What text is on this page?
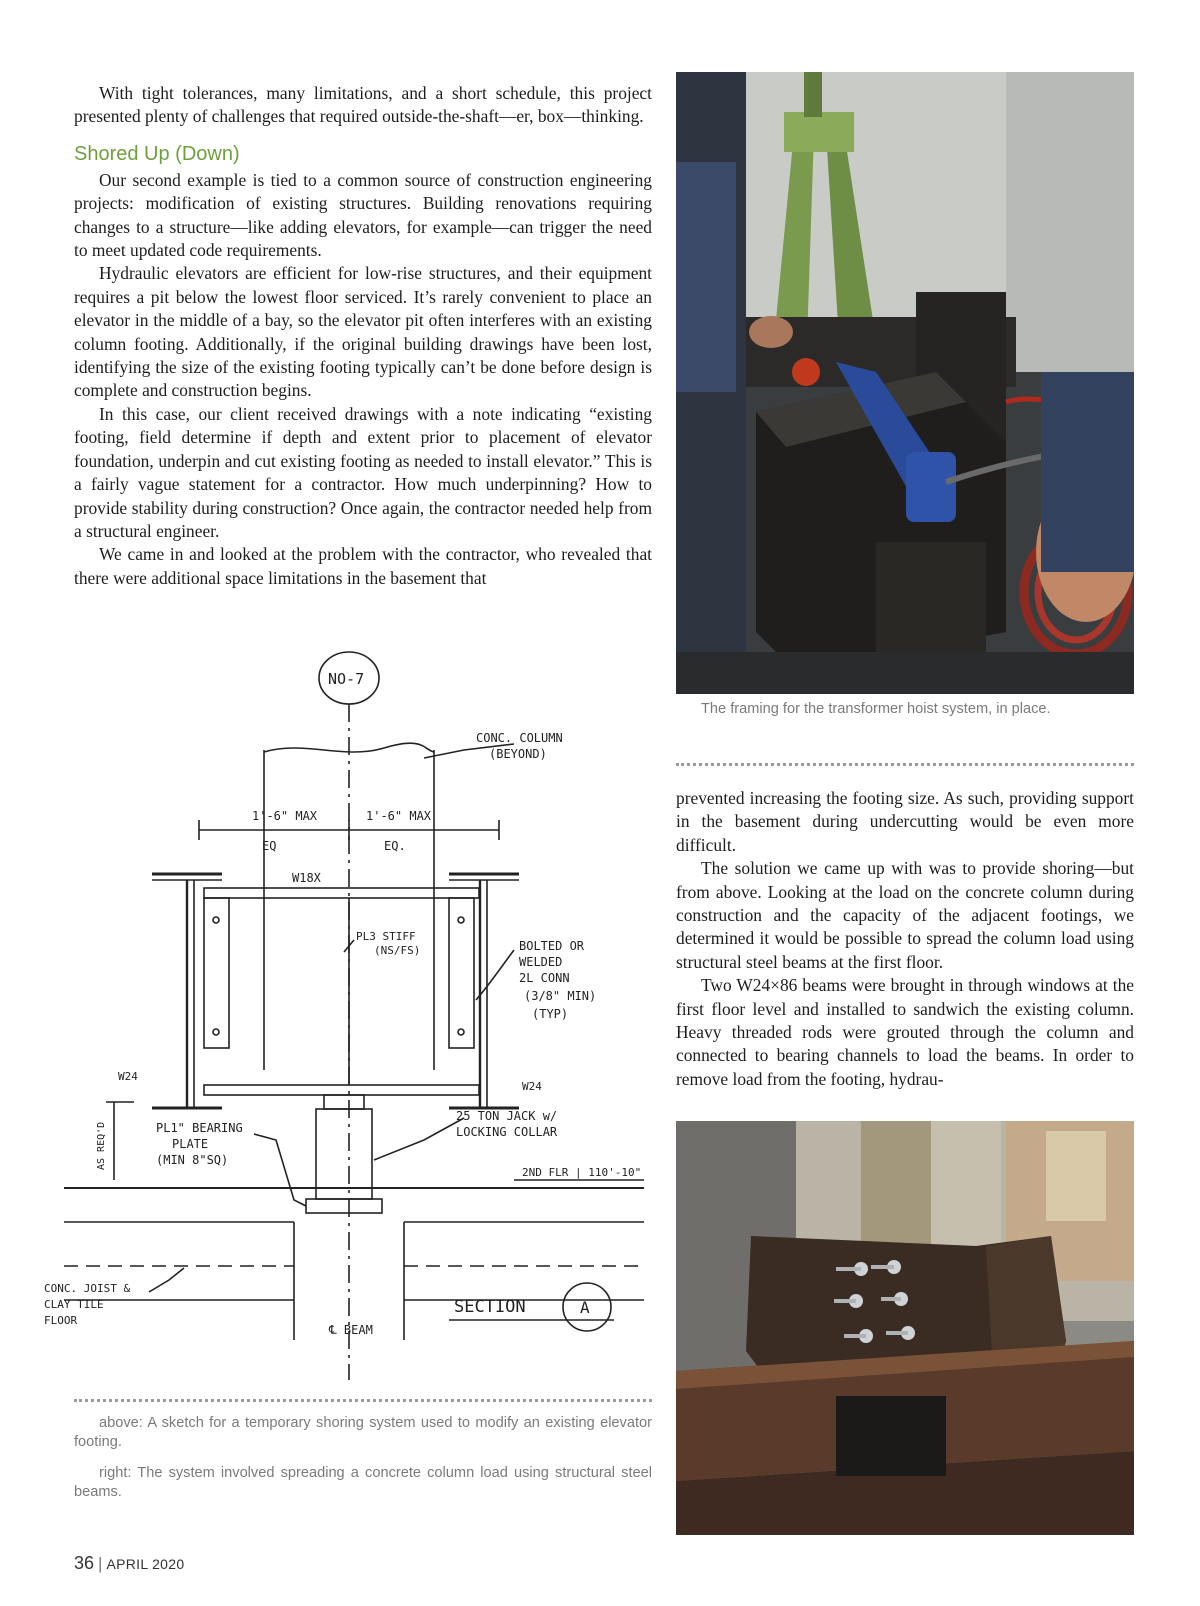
With tight tolerances, many limitations, and a short schedule, this project presented plenty of challenges that required outside-the-shaft—er, box—thinking.

Shored Up (Down)

Our second example is tied to a common source of construction engineering projects: modification of existing structures. Building renovations requiring changes to a structure—like adding elevators, for example—can trigger the need to meet updated code requirements.

Hydraulic elevators are efficient for low-rise structures, and their equipment requires a pit below the lowest floor serviced. It’s rarely convenient to place an elevator in the middle of a bay, so the elevator pit often interferes with an existing column footing. Additionally, if the original building drawings have been lost, identifying the size of the existing footing typically can’t be done before design is complete and construction begins.

In this case, our client received drawings with a note indicating “existing footing, field determine if depth and extent prior to placement of elevator foundation, underpin and cut existing footing as needed to install elevator.” This is a fairly vague statement for a contractor. How much underpinning? How to provide stability during construction? Once again, the contractor needed help from a structural engineer.

We came in and looked at the problem with the contractor, who revealed that there were additional space limitations in the basement that

The framing for the transformer hoist system, in place.

prevented increasing the footing size. As such, providing support in the basement during undercutting would be even more difficult.

The solution we came up with was to provide shoring—but from above. Looking at the load on the concrete column during construction and the capacity of the adjacent footings, we determined it would be possible to spread the column load using structural steel beams at the first floor.

Two W24×86 beams were brought in through windows at the first floor level and installed to sandwich the existing column. Heavy threaded rods were grouted through the column and connected to bearing channels to load the beams. In order to remove load from the footing, hydrau-

NO-7
CONC. COLUMN
(BEYOND)
1'-6" MAX	1'-6" MAX
EQ	EQ.
W18X
PL3 STIFF
(NS/FS)	BOLTED OR
WELDED
2L CONN
(3/8" MIN)
(TYP)
W24
W24
AS REQ'D	PL1" BEARING
PLATE
(MIN 8"SQ)
25 TON JACK w/
LOCKING COLLAR
2ND FLR | 110'-10"
CONC. JOIST &
CLAY TILE
FLOOR
SECTION	A
℄ BEAM

above: A sketch for a temporary shoring system used to modify an existing elevator footing.

right: The system involved spreading a concrete column load using structural steel beams.

36 | APRIL 2020
